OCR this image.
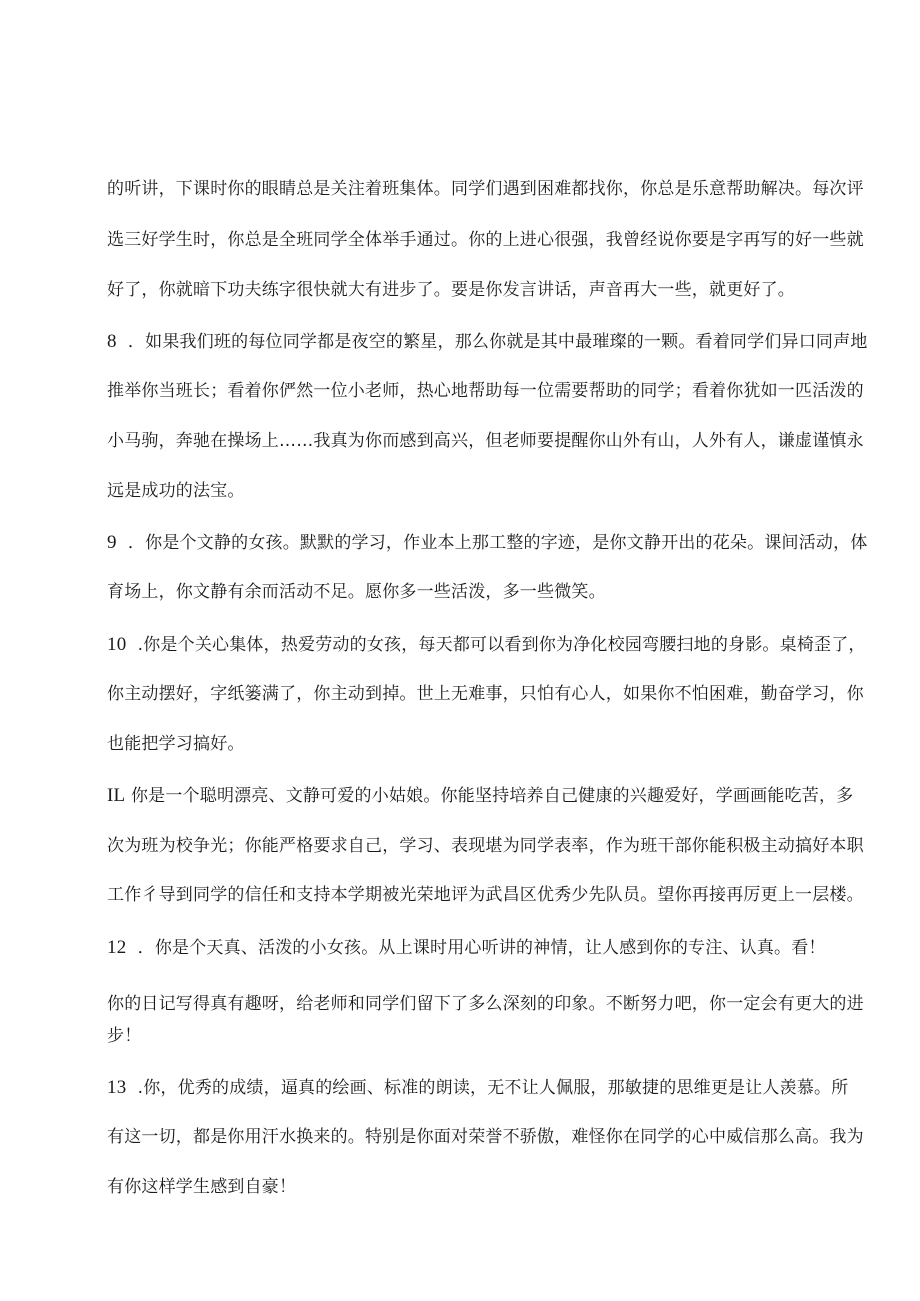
的听讲，下课时你的眼睛总是关注着班集体。同学们遇到困难都找你，你总是乐意帮助解决。每次评
选三好学生时，你总是全班同学全体举手通过。你的上进心很强，我曾经说你要是字再写的好一些就
好了，你就暗下功夫练字很快就大有进步了。要是你发言讲话，声音再大一些，就更好了。
8 ．如果我们班的每位同学都是夜空的繁星，那么你就是其中最璀璨的一颗。看着同学们异口同声地
推举你当班长；看着你俨然一位小老师，热心地帮助每一位需要帮助的同学；看着你犹如一匹活泼的
小马驹，奔驰在操场上……我真为你而感到高兴，但老师要提醒你山外有山，人外有人，谦虚谨慎永
远是成功的法宝。
9 ．你是个文静的女孩。默默的学习，作业本上那工整的字迹，是你文静开出的花朵。课间活动，体
育场上，你文静有余而活动不足。愿你多一些活泼，多一些微笑。
10 .你是个关心集体，热爱劳动的女孩，每天都可以看到你为净化校园弯腰扫地的身影。桌椅歪了，
你主动摆好，字纸篓满了，你主动到掉。世上无难事，只怕有心人，如果你不怕困难，勤奋学习，你
也能把学习搞好。
IL 你是一个聪明漂亮、文静可爱的小姑娘。你能坚持培养自己健康的兴趣爱好，学画画能吃苦，多
次为班为校争光；你能严格要求自己，学习、表现堪为同学表率，作为班干部你能积极主动搞好本职
工作彳导到同学的信任和支持本学期被光荣地评为武昌区优秀少先队员。望你再接再厉更上一层楼。
12 ．你是个天真、活泼的小女孩。从上课时用心听讲的神情，让人感到你的专注、认真。看！
你的日记写得真有趣呀，给老师和同学们留下了多么深刻的印象。不断努力吧，你一定会有更大的进
步！
13 .你，优秀的成绩，逼真的绘画、标准的朗读，无不让人佩服，那敏捷的思维更是让人羡慕。所
有这一切，都是你用汗水换来的。特别是你面对荣誉不骄傲，难怪你在同学的心中威信那么高。我为
有你这样学生感到自豪！
